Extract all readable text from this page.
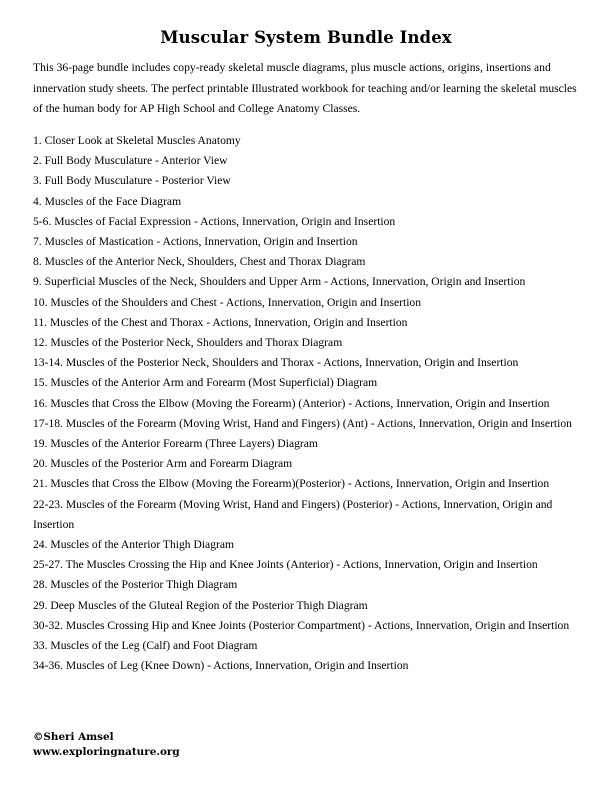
Muscular System Bundle Index

This 36-page bundle includes copy-ready skeletal muscle diagrams, plus muscle actions, origins, insertions and innervation study sheets. The perfect printable Illustrated workbook for teaching and/or learning the skeletal muscles of the human body for AP High School and College Anatomy Classes.

1. Closer Look at Skeletal Muscles Anatomy
2. Full Body Musculature - Anterior View
3. Full Body Musculature - Posterior View
4. Muscles of the Face Diagram
5-6. Muscles of Facial Expression - Actions, Innervation, Origin and Insertion
7. Muscles of Mastication - Actions, Innervation, Origin and Insertion
8. Muscles of the Anterior Neck, Shoulders, Chest and Thorax Diagram
9. Superficial Muscles of the Neck, Shoulders and Upper Arm - Actions, Innervation, Origin and Insertion
10. Muscles of the Shoulders and Chest - Actions, Innervation, Origin and Insertion
11. Muscles of the Chest and Thorax - Actions, Innervation, Origin and Insertion
12. Muscles of the Posterior Neck, Shoulders and Thorax Diagram
13-14. Muscles of the Posterior Neck, Shoulders and Thorax - Actions, Innervation, Origin and Insertion
15. Muscles of the Anterior Arm and Forearm (Most Superficial) Diagram
16. Muscles that Cross the Elbow (Moving the Forearm) (Anterior) - Actions, Innervation, Origin and Insertion
17-18. Muscles of the Forearm (Moving Wrist, Hand and Fingers) (Ant) - Actions, Innervation, Origin and Insertion
19. Muscles of the Anterior Forearm (Three Layers) Diagram
20. Muscles of the Posterior Arm and Forearm Diagram
21. Muscles that Cross the Elbow (Moving the Forearm)(Posterior) - Actions, Innervation, Origin and Insertion
22-23. Muscles of the Forearm (Moving Wrist, Hand and Fingers) (Posterior) - Actions, Innervation, Origin and Insertion
24. Muscles of the Anterior Thigh Diagram
25-27. The Muscles Crossing the Hip and Knee Joints (Anterior) - Actions, Innervation, Origin and Insertion
28. Muscles of the Posterior Thigh Diagram
29. Deep Muscles of the Gluteal Region of the Posterior Thigh Diagram
30-32. Muscles Crossing Hip and Knee Joints (Posterior Compartment) - Actions, Innervation, Origin and Insertion
33. Muscles of the Leg (Calf) and Foot Diagram
34-36. Muscles of Leg (Knee Down) - Actions, Innervation, Origin and Insertion
©Sheri Amsel
www.exploringnature.org
